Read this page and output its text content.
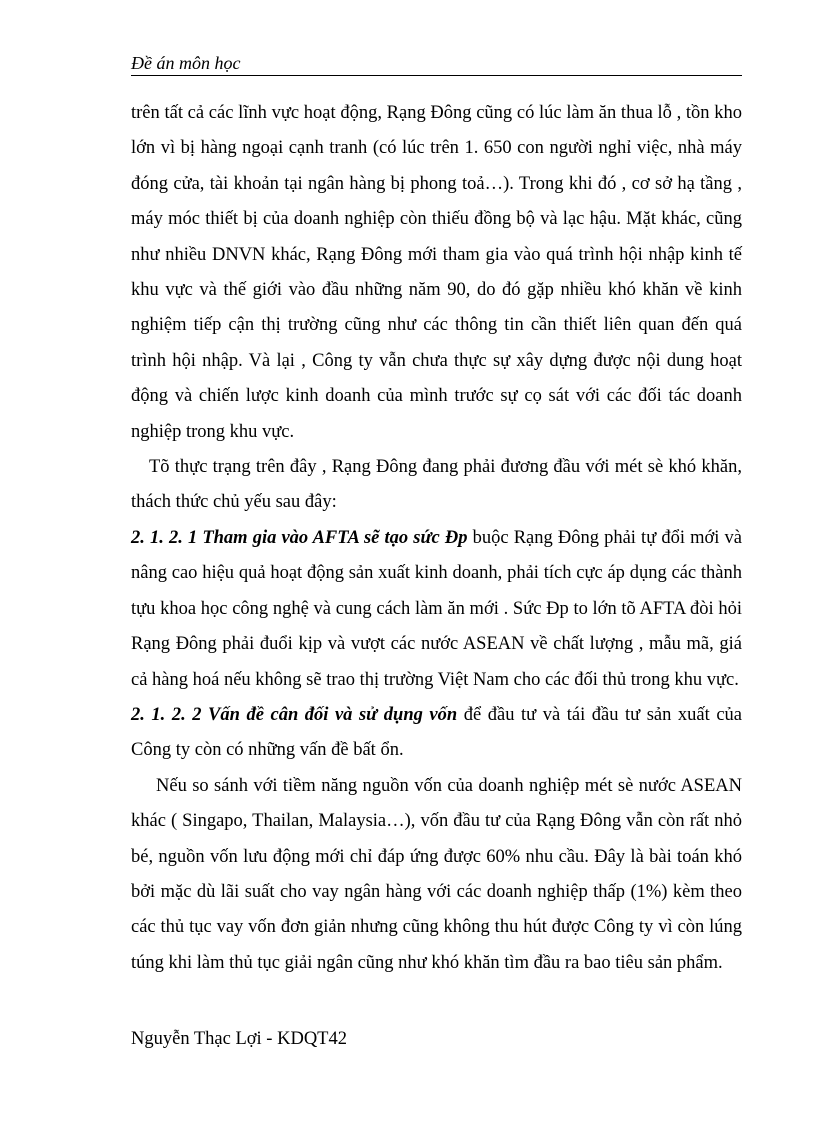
Đề án môn học

trên tất cả các lĩnh vực hoạt động, Rạng Đông cũng có lúc làm ăn thua lỗ , tồn kho lớn vì bị hàng ngoại cạnh tranh (có lúc trên 1. 650 con người nghỉ việc, nhà máy đóng cửa, tài khoản tại ngân hàng bị phong toả…). Trong khi đó , cơ sở hạ tầng , máy móc thiết bị của doanh nghiệp còn thiếu đồng bộ và lạc hậu. Mặt khác, cũng như nhiều DNVN khác, Rạng Đông mới tham gia vào quá trình hội nhập kinh tế khu vực và thế giới vào đầu những năm 90, do đó gặp nhiều khó khăn về kinh nghiệm tiếp cận thị trường cũng như các thông tin cần thiết liên quan đến quá trình hội nhập. Và lại , Công ty vẫn chưa thực sự xây dựng được nội dung hoạt động và chiến lược kinh doanh của mình trước sự cọ sát với các đối tác doanh nghiệp trong khu vực.

Tõ thực trạng trên đây , Rạng Đông đang phải đương đầu với mét sè khó khăn, thách thức chủ yếu sau đây:

2. 1. 2. 1 Tham gia vào AFTA sẽ tạo sức Đp buộc Rạng Đông phải tự đổi mới và nâng cao hiệu quả hoạt động sản xuất kinh doanh, phải tích cực áp dụng các thành tựu khoa học công nghệ và cung cách làm ăn mới . Sức Đp to lớn tõ AFTA đòi hỏi Rạng Đông phải đuổi kịp và vượt các nước ASEAN về chất lượng , mẫu mã, giá cả hàng hoá nếu không sẽ trao thị trường Việt Nam cho các đối thủ trong khu vực.

2. 1. 2. 2 Vấn đề cân đối và sử dụng vốn để đầu tư và tái đầu tư sản xuất của Công ty còn có những vấn đề bất ổn.

Nếu so sánh với tiềm năng nguồn vốn của doanh nghiệp mét sè nước ASEAN khác ( Singapo, Thailan, Malaysia…), vốn đầu tư của Rạng Đông vẫn còn rất nhỏ bé, nguồn vốn lưu động mới chỉ đáp ứng được 60% nhu cầu. Đây là bài toán khó bởi mặc dù lãi suất cho vay ngân hàng với các doanh nghiệp thấp (1%) kèm theo các thủ tục vay vốn đơn giản nhưng cũng không thu hút được Công ty vì còn lúng túng khi làm thủ tục giải ngân cũng như khó khăn tìm đầu ra bao tiêu sản phẩm.

Nguyễn Thạc Lợi - KDQT42
